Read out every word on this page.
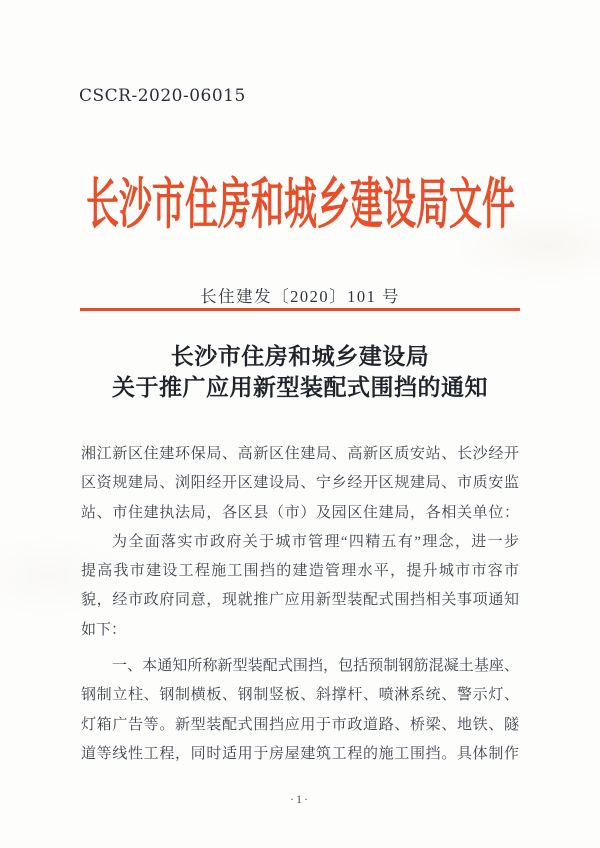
CSCR-2020-06015
长沙市住房和城乡建设局文件
长住建发〔2020〕101 号
长沙市住房和城乡建设局
关于推广应用新型装配式围挡的通知
湘江新区住建环保局、高新区住建局、高新区质安站、长沙经开
区资规建局、浏阳经开区建设局、宁乡经开区规建局、市质安监
站、市住建执法局，各区县（市）及园区住建局，各相关单位：
为全面落实市政府关于城市管理“四精五有”理念，进一步
提高我市建设工程施工围挡的建造管理水平，提升城市市容市
貌，经市政府同意，现就推广应用新型装配式围挡相关事项通知
如下：
一、本通知所称新型装配式围挡，包括预制钢筋混凝土基座、
钢制立柱、钢制横板、钢制竖板、斜撑杆、喷淋系统、警示灯、
灯箱广告等。新型装配式围挡应用于市政道路、桥梁、地铁、隧
道等线性工程，同时适用于房屋建筑工程的施工围挡。具体制作
·1·
